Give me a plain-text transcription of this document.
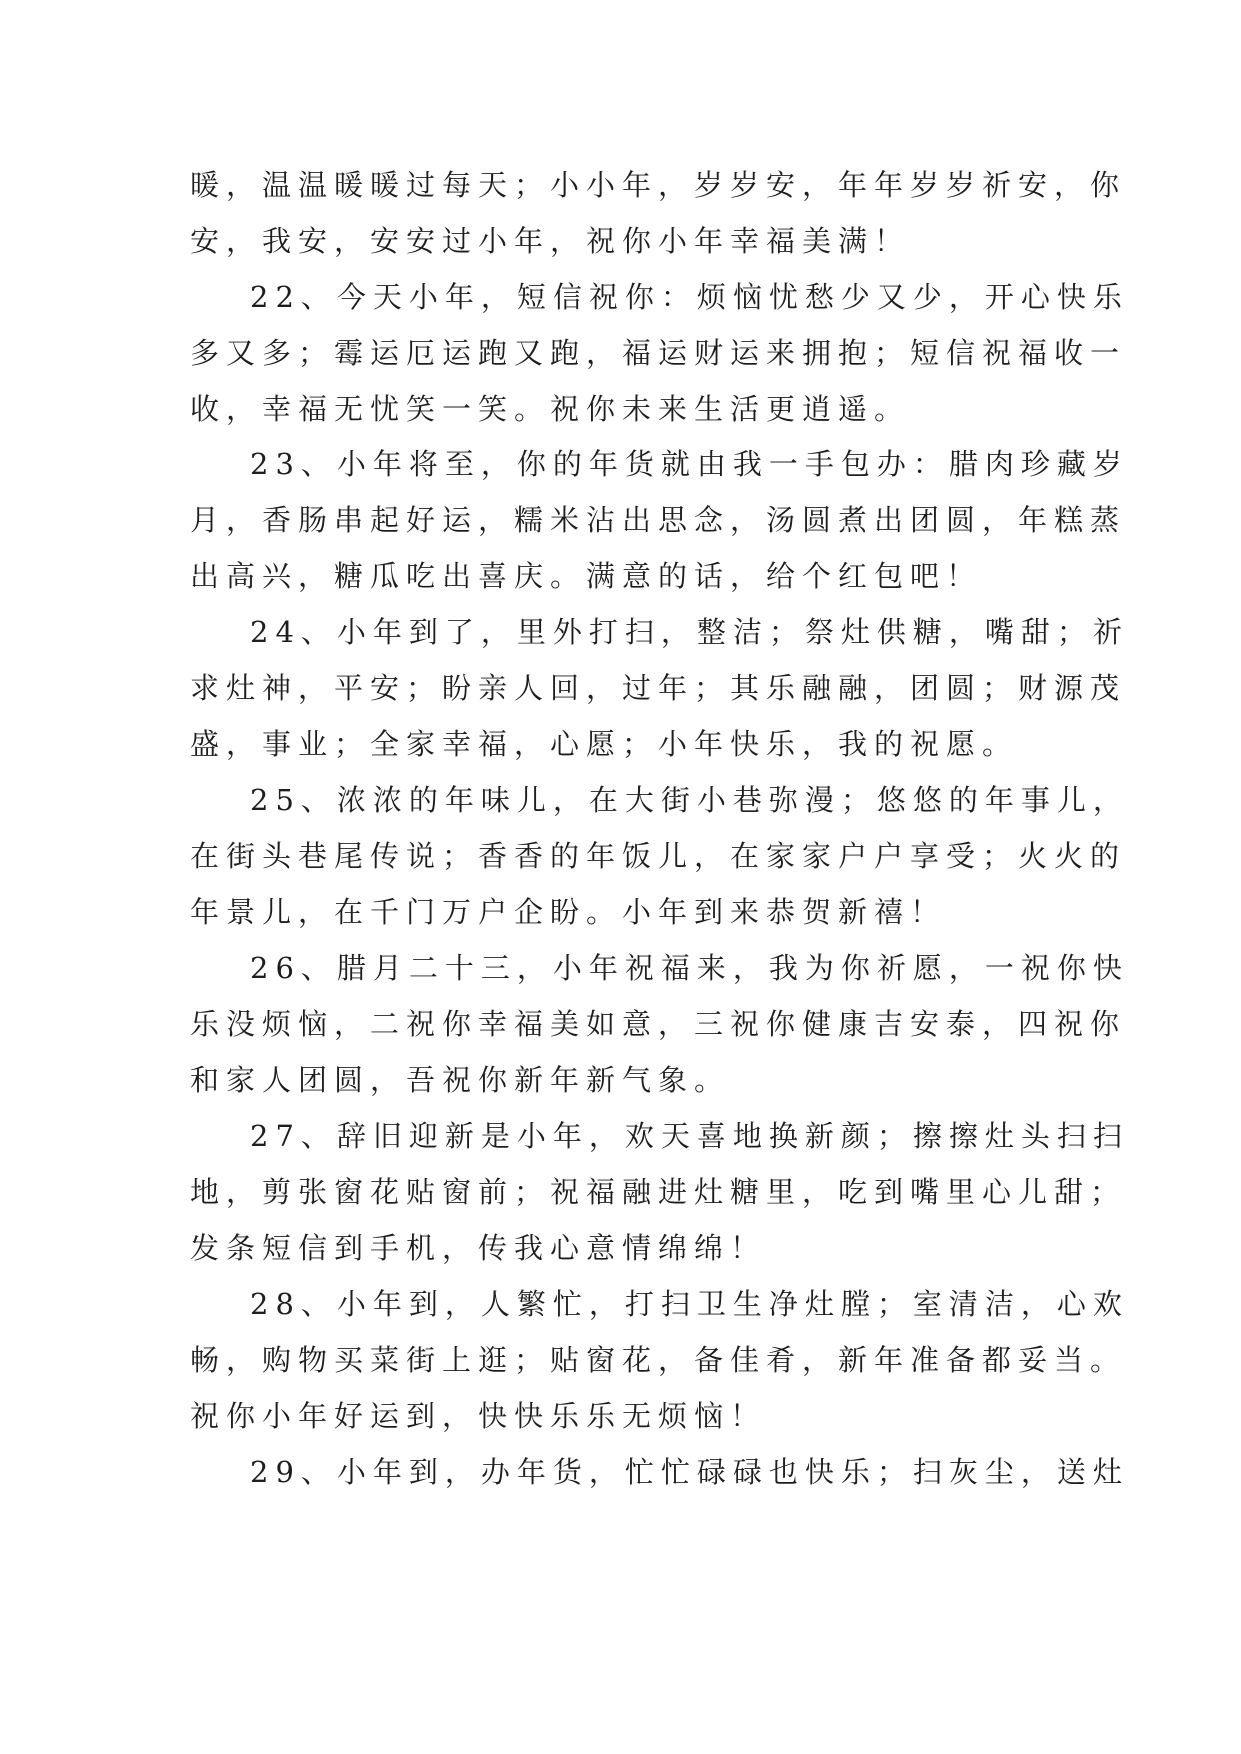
暖，温温暖暖过每天；小小年，岁岁安，年年岁岁祈安，你
安，我安，安安过小年，祝你小年幸福美满！
22、今天小年，短信祝你：烦恼忧愁少又少，开心快乐
多又多；霉运厄运跑又跑，福运财运来拥抱；短信祝福收一
收，幸福无忧笑一笑。祝你未来生活更逍遥。
23、小年将至，你的年货就由我一手包办：腊肉珍藏岁
月，香肠串起好运，糯米沾出思念，汤圆煮出团圆，年糕蒸
出高兴，糖瓜吃出喜庆。满意的话，给个红包吧！
24、小年到了，里外打扫，整洁；祭灶供糖，嘴甜；祈
求灶神，平安；盼亲人回，过年；其乐融融，团圆；财源茂
盛，事业；全家幸福，心愿；小年快乐，我的祝愿。
25、浓浓的年味儿，在大街小巷弥漫；悠悠的年事儿，
在街头巷尾传说；香香的年饭儿，在家家户户享受；火火的
年景儿，在千门万户企盼。小年到来恭贺新禧！
26、腊月二十三，小年祝福来，我为你祈愿，一祝你快
乐没烦恼，二祝你幸福美如意，三祝你健康吉安泰，四祝你
和家人团圆，吾祝你新年新气象。
27、辞旧迎新是小年，欢天喜地换新颜；擦擦灶头扫扫
地，剪张窗花贴窗前；祝福融进灶糖里，吃到嘴里心儿甜；
发条短信到手机，传我心意情绵绵！
28、小年到，人繁忙，打扫卫生净灶膛；室清洁，心欢
畅，购物买菜街上逛；贴窗花，备佳肴，新年准备都妥当。
祝你小年好运到，快快乐乐无烦恼！
29、小年到，办年货，忙忙碌碌也快乐；扫灰尘，送灶
